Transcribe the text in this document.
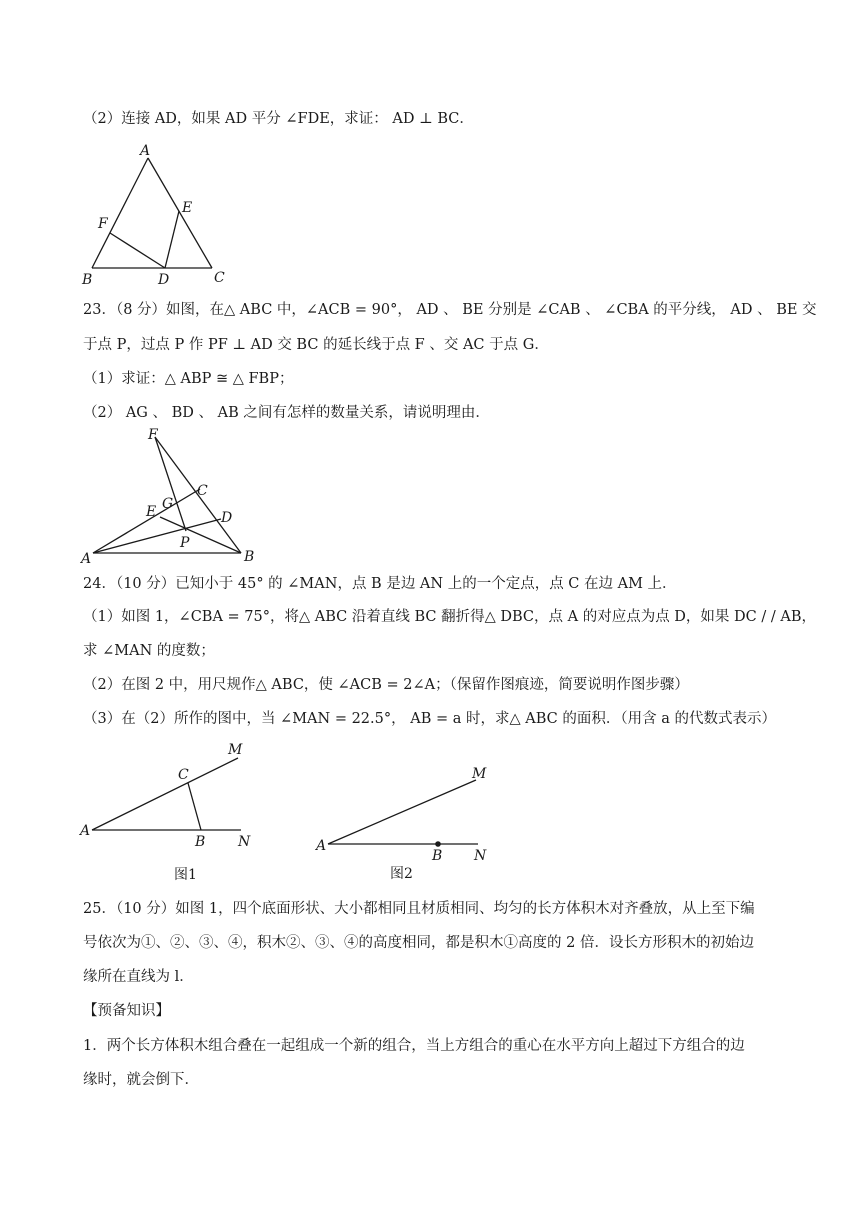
（2）连接 AD，如果 AD 平分 ∠FDE，求证： AD ⊥ BC．
A
E
F
B	D	C
23．（8 分）如图，在△ ABC 中，∠ACB = 90°， AD 、 BE 分别是 ∠CAB 、 ∠CBA 的平分线， AD 、 BE 交
于点 P，过点 P 作 PF ⊥ AD 交 BC 的延长线于点 F 、交 AC 于点 G．
（1）求证：△ ABP ≅ △ FBP；
（2） AG 、 BD 、 AB 之间有怎样的数量关系，请说明理由．
F
C
G
E	D
P
A	B
24．（10 分）已知小于 45° 的 ∠MAN，点 B 是边 AN 上的一个定点，点 C 在边 AM 上．
（1）如图 1，∠CBA = 75°，将△ ABC 沿着直线 BC 翻折得△ DBC，点 A 的对应点为点 D，如果 DC / / AB，
求 ∠MAN 的度数；
（2）在图 2 中，用尺规作△ ABC，使 ∠ACB = 2∠A；（保留作图痕迹，简要说明作图步骤）
（3）在（2）所作的图中，当 ∠MAN = 22.5°， AB = a 时，求△ ABC 的面积．（用含 a 的代数式表示）
M
C
A
B N
图1
M
A
B N
图2
25．（10 分）如图 1，四个底面形状、大小都相同且材质相同、均匀的长方体积木对齐叠放，从上至下编
号依次为①、②、③、④，积木②、③、④的高度相同，都是积木①高度的 2 倍．设长方形积木的初始边
缘所在直线为 l．
【预备知识】
1．两个长方体积木组合叠在一起组成一个新的组合，当上方组合的重心在水平方向上超过下方组合的边
缘时，就会倒下．
